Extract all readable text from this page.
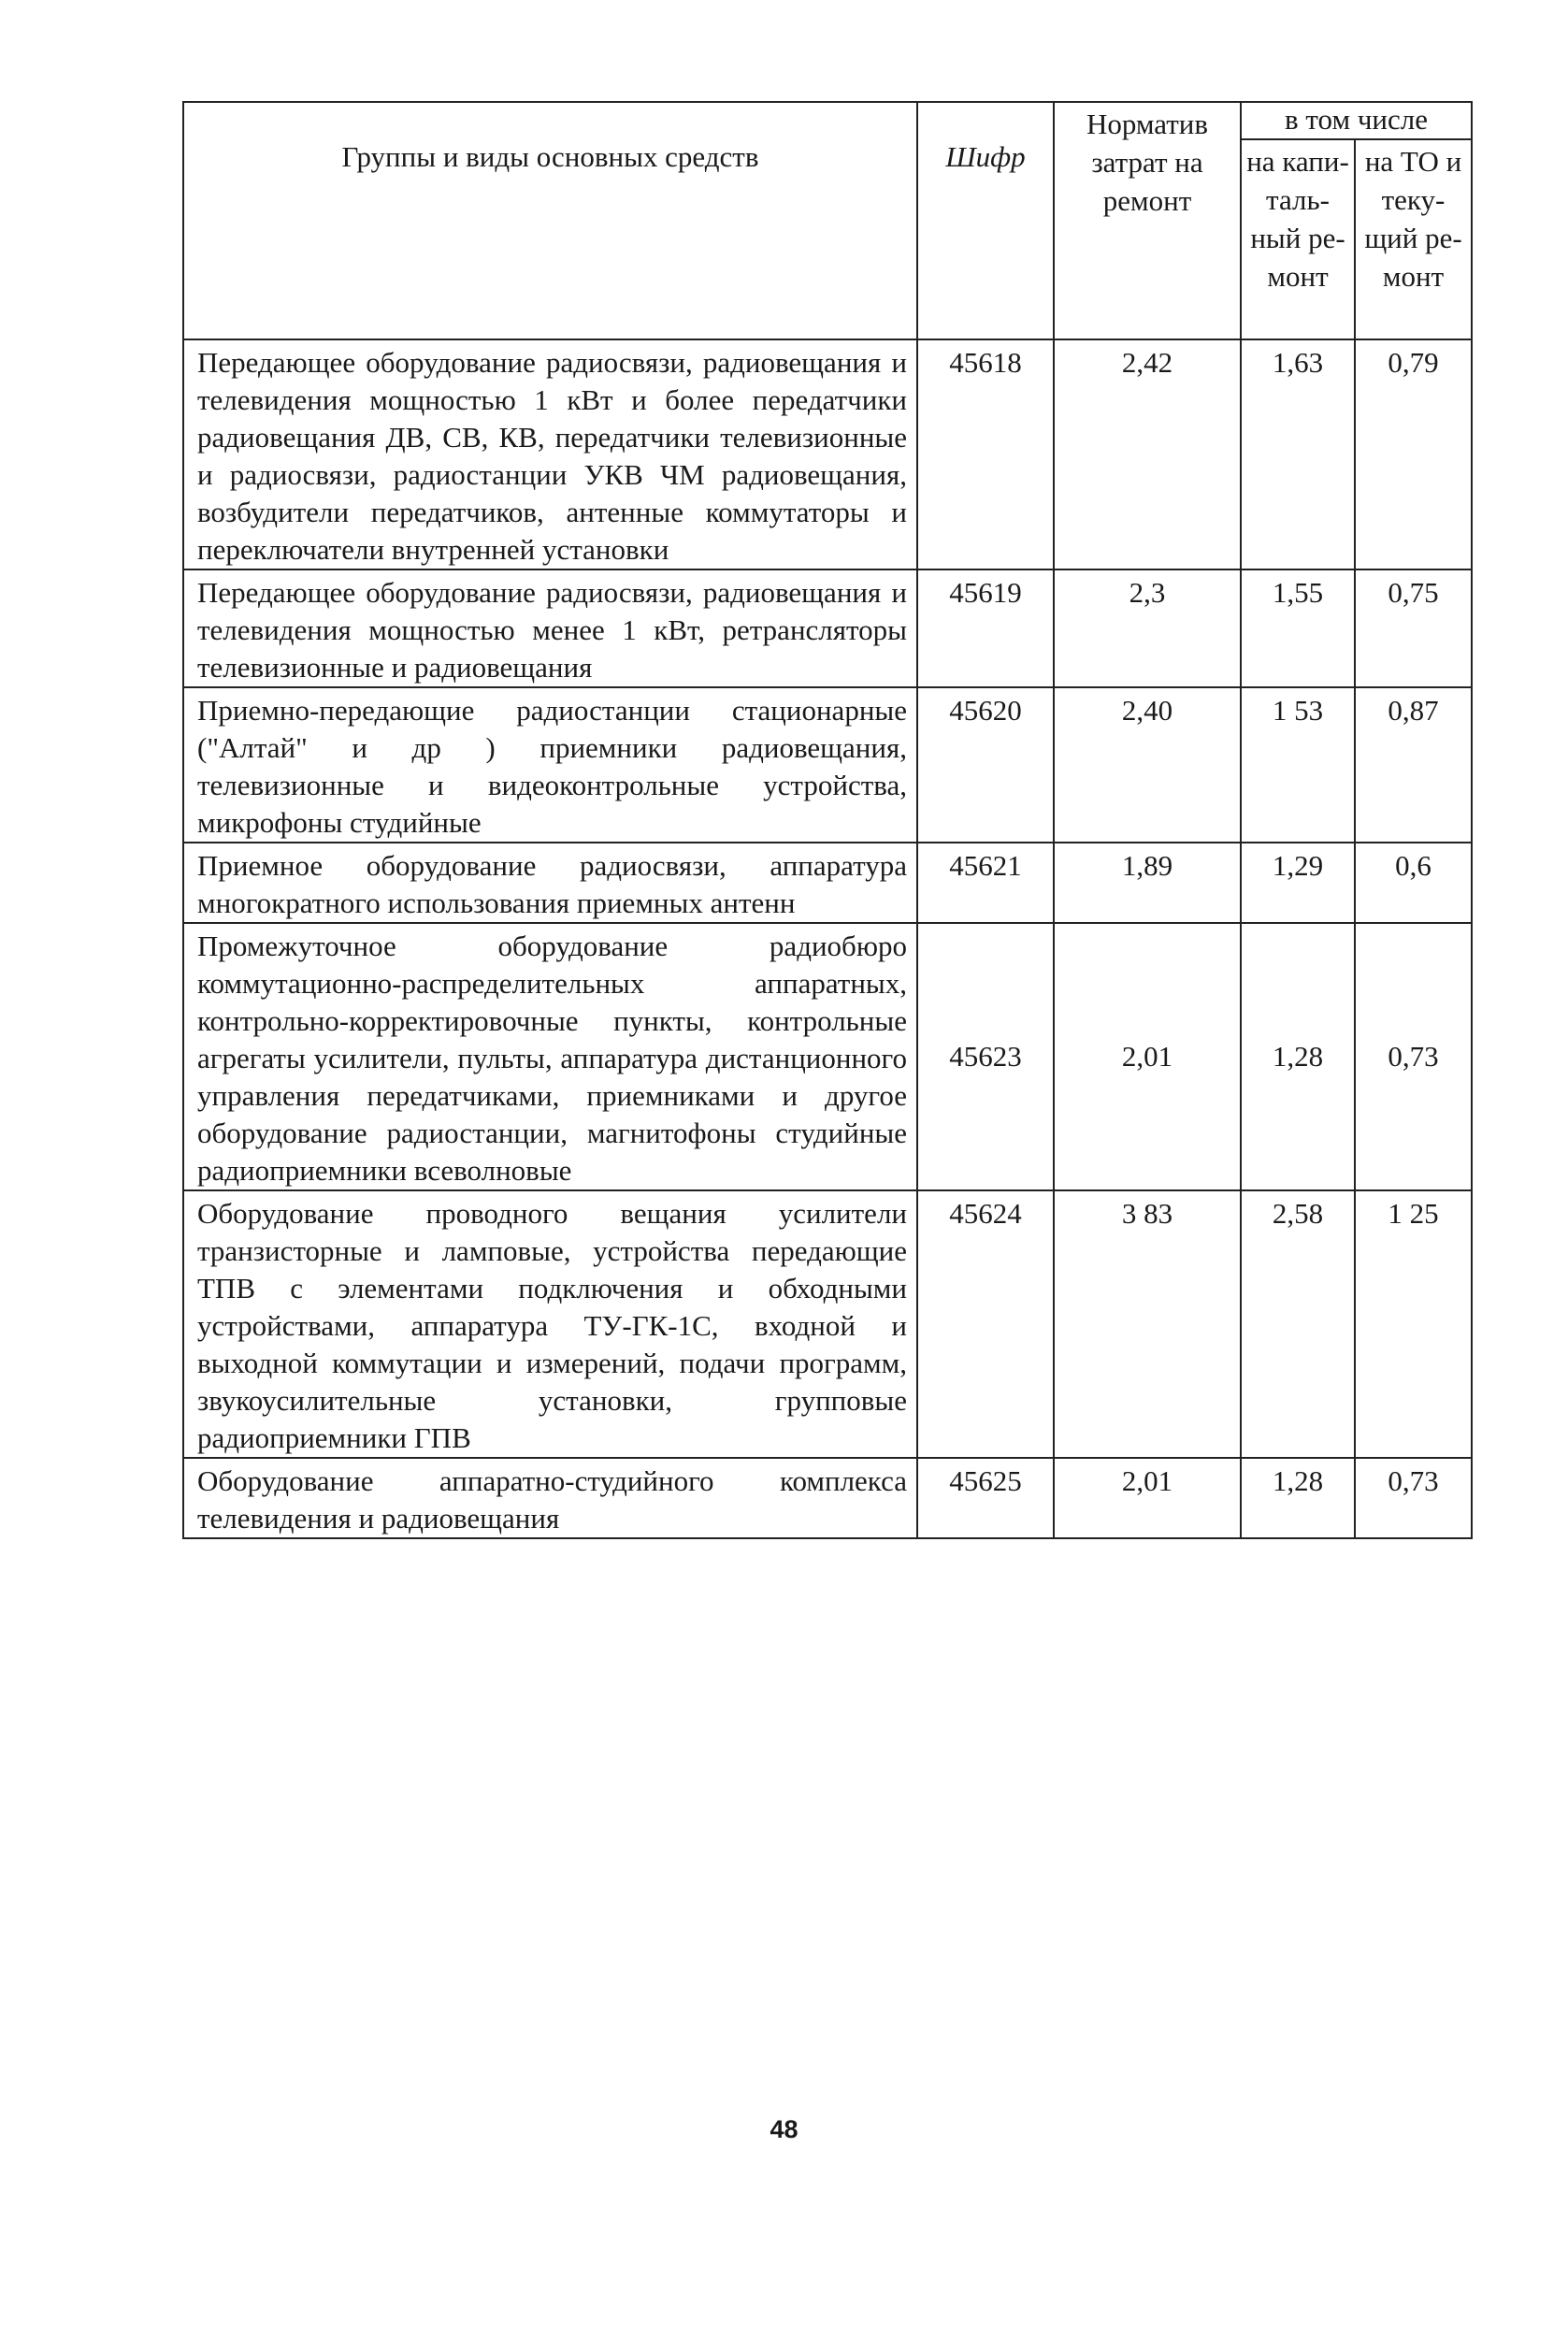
Группы и виды основных средств	Шифр	Норматив затрат на ремонт	в том числе	
			на капи-таль-ный ре-монт	на ТО и теку-щий ре-монт
Передающее оборудование радиосвязи, радиовещания и телевидения мощностью 1 кВт и более передатчики радиовещания ДВ, СВ, КВ, передатчики телевизионные и радиосвязи, радиостанции УКВ ЧМ радиовещания, возбудители передатчиков, антенные коммутаторы и переключатели внутренней установки	45618	2,42	1,63	0,79
Передающее оборудование радиосвязи, радиовещания и телевидения мощностью менее 1 кВт, ретрансляторы телевизионные и радиовещания	45619	2,3	1,55	0,75
Приемно-передающие радиостанции стационарные ("Алтай" и др ) приемники радиовещания, телевизионные и видеоконтрольные устройства, микрофоны студийные	45620	2,40	1 53	0,87
Приемное оборудование радиосвязи, аппаратура многократного использования приемных антенн	45621	1,89	1,29	0,6
Промежуточное оборудование радиобюро коммутационно-распределительных аппаратных, контрольно-корректировочные пункты, контрольные агрегаты усилители, пульты, аппаратура дистанционного управления передатчиками, приемниками и другое оборудование радиостанции, магнитофоны студийные радиоприемники всеволновые	45623	2,01	1,28	0,73
Оборудование проводного вещания усилители транзисторные и ламповые, устройства передающие ТПВ с элементами подключения и обходными устройствами, аппаратура ТУ-ГК-1С, входной и выходной коммутации и измерений, подачи программ, звукоусилительные установки, групповые радиоприемники ГПВ	45624	3 83	2,58	1 25
Оборудование аппаратно-студийного комплекса телевидения и радиовещания	45625	2,01	1,28	0,73
48
